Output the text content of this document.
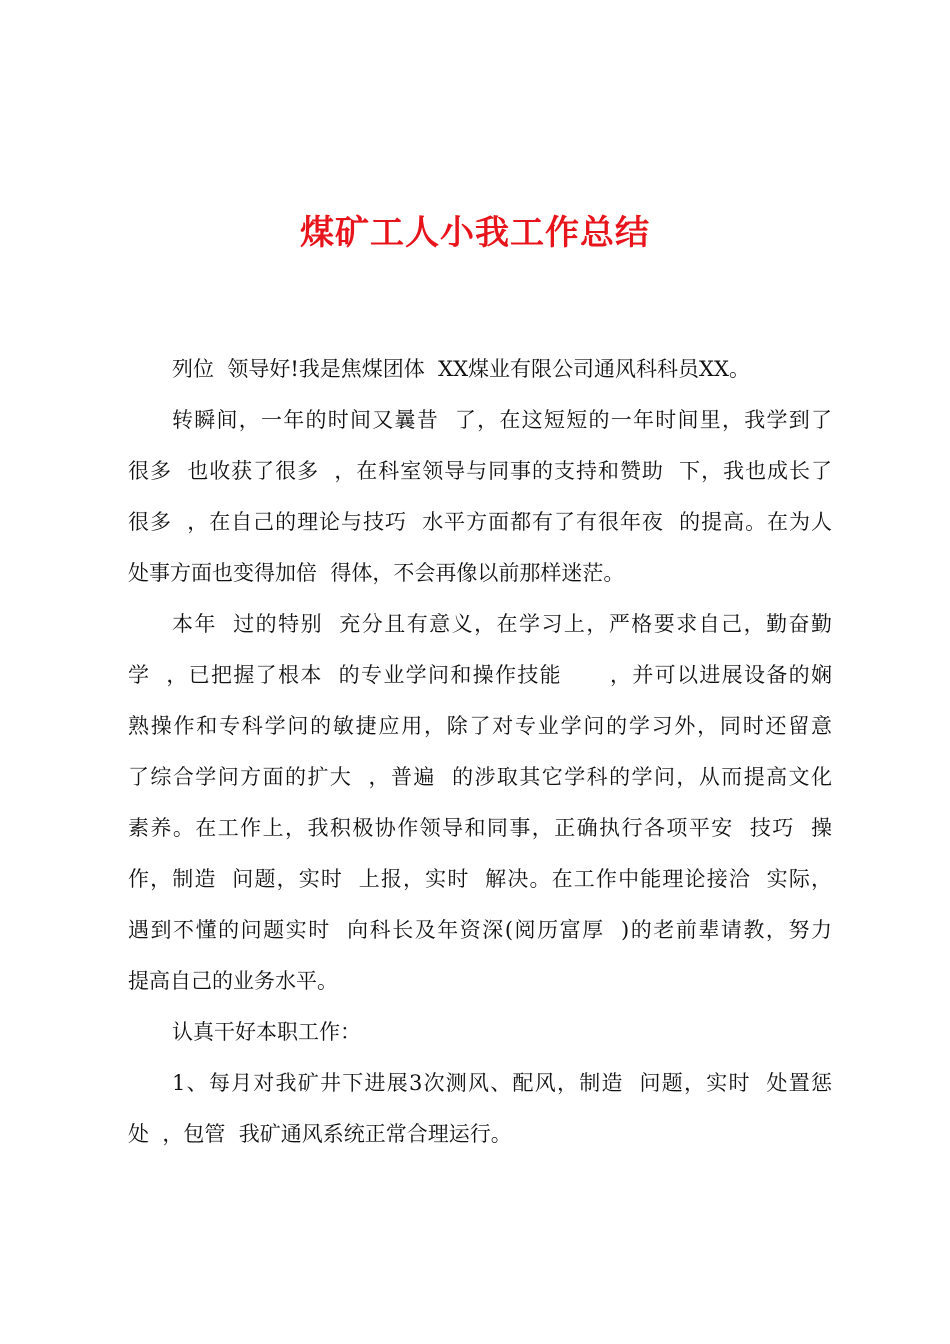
煤矿工人小我工作总结
列位  领导好!我是焦煤团体  XX煤业有限公司通风科科员XX。
转瞬间，一年的时间又曩昔  了，在这短短的一年时间里，我学到了
很多  也收获了很多  ，在科室领导与同事的支持和赞助  下，我也成长了
很多  ，在自己的理论与技巧  水平方面都有了有很年夜  的提高。在为人
处事方面也变得加倍  得体，不会再像以前那样迷茫。
本年  过的特别  充分且有意义，在学习上，严格要求自己，勤奋勤
学  ，已把握了根本  的专业学问和操作技能      ，并可以进展设备的娴
熟操作和专科学问的敏捷应用，除了对专业学问的学习外，同时还留意
了综合学问方面的扩大  ，普遍  的涉取其它学科的学问，从而提高文化
素养。在工作上，我积极协作领导和同事，正确执行各项平安  技巧  操
作，制造  问题，实时  上报，实时  解决。在工作中能理论接洽  实际，
遇到不懂的问题实时  向科长及年资深(阅历富厚  )的老前辈请教，努力
提高自己的业务水平。
认真干好本职工作：
1、每月对我矿井下进展3次测风、配风，制造  问题，实时  处置惩
处  ，包管  我矿通风系统正常合理运行。
